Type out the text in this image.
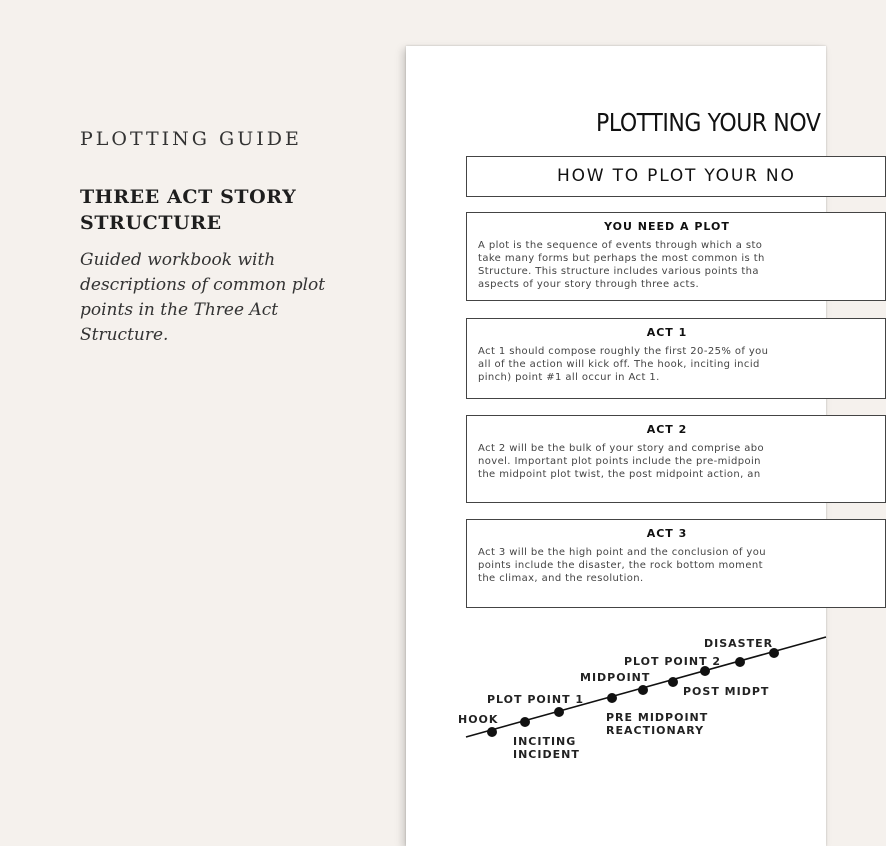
PLOTTING GUIDE
THREE ACT STORY STRUCTURE
Guided workbook with descriptions of common plot points in the Three Act Structure.
PLOTTING YOUR NOV
HOW TO PLOT YOUR NO
YOU NEED A PLOT
A plot is the sequence of events through which a sto
take many forms but perhaps the most common is th
Structure. This structure includes various points tha
aspects of your story through three acts.
ACT 1
Act 1 should compose roughly the first 20-25% of you
all of the action will kick off. The hook, inciting incid
pinch) point #1 all occur in Act 1.
ACT 2
Act 2 will be the bulk of your story and comprise abo
novel. Important plot points include the pre-midpoin
the midpoint plot twist, the post midpoint action, an
ACT 3
Act 3 will be the high point and the conclusion of you
points include the disaster, the rock bottom moment
the climax, and the resolution.
HOOK
INCITING
INCIDENT
PLOT POINT 1
PRE MIDPOINT
REACTIONARY
MIDPOINT
PLOT POINT 2
POST MIDPT
DISASTER
